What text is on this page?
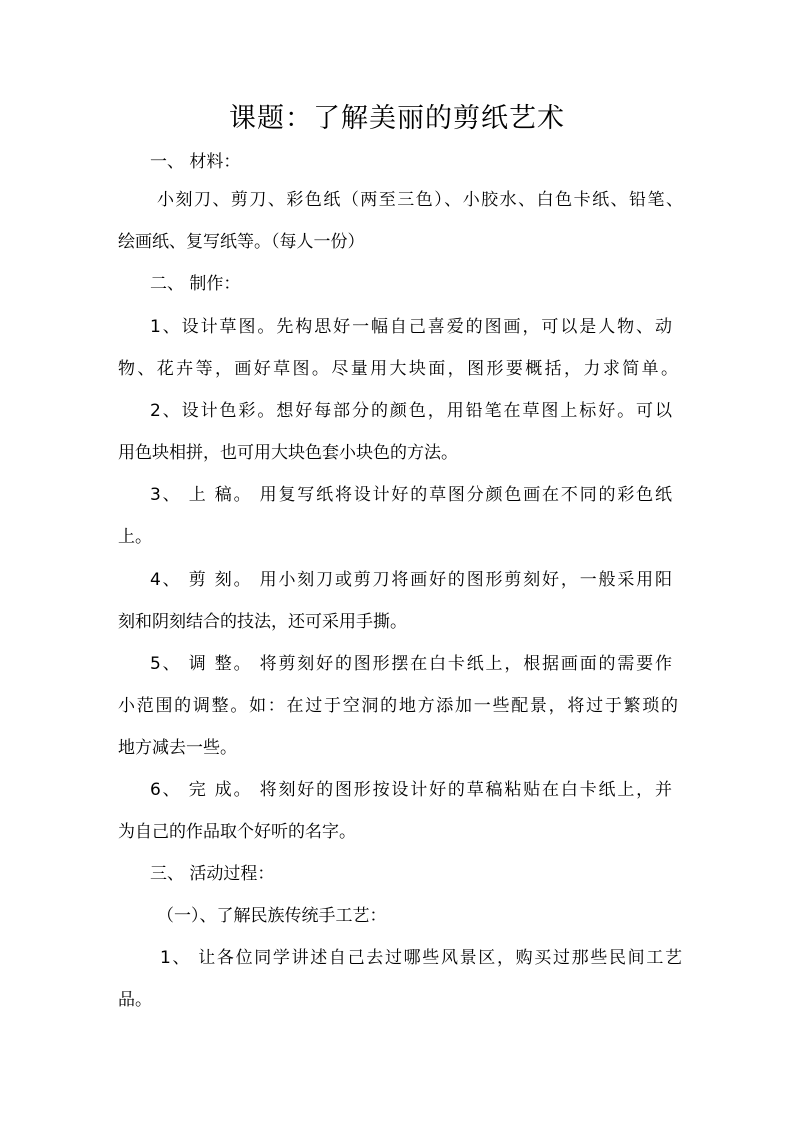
课题：了解美丽的剪纸艺术
一、 材料：
小刻刀、剪刀、彩色纸（两至三色）、小胶水、白色卡纸、铅笔、
绘画纸、复写纸等。（每人一份）
二、 制作：
1、设计草图。先构思好一幅自己喜爱的图画，可以是人物、动
物、花卉等，画好草图。尽量用大块面，图形要概括，力求简单。
2、设计色彩。想好每部分的颜色，用铅笔在草图上标好。可以
用色块相拼，也可用大块色套小块色的方法。
3、 上 稿。 用复写纸将设计好的草图分颜色画在不同的彩色纸
上。
4、 剪 刻。 用小刻刀或剪刀将画好的图形剪刻好，一般采用阳
刻和阴刻结合的技法，还可采用手撕。
5、 调 整。 将剪刻好的图形摆在白卡纸上，根据画面的需要作
小范围的调整。如：在过于空洞的地方添加一些配景，将过于繁琐的
地方减去一些。
6、 完 成。 将刻好的图形按设计好的草稿粘贴在白卡纸上，并
为自己的作品取个好听的名字。
三、 活动过程：
（一）、了解民族传统手工艺：
1、 让各位同学讲述自己去过哪些风景区，购买过那些民间工艺
品。
